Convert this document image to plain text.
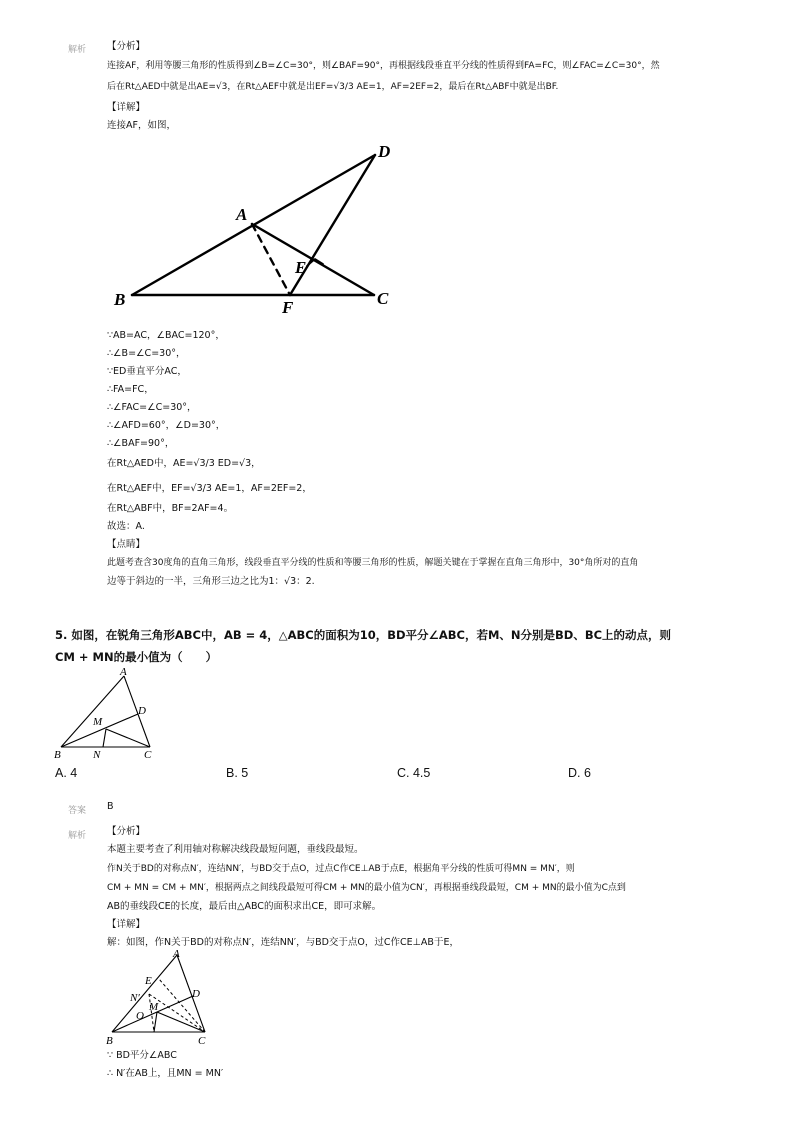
解析 【分析】
连接AF，利用等腰三角形的性质得到∠B=∠C=30°，则∠BAF=90°，再根据线段垂直平分线的性质得到FA=FC，则∠FAC=∠C=30°，然
后在Rt△AED中就是出AE=√3，在Rt△AEF中就是出EF=√3/3 AE=1，AF=2EF=2，最后在Rt△ABF中就是出BF.
【详解】
连接AF，如图，
B
A
D
E
F	C
∵AB=AC，∠BAC=120°，
∴∠B=∠C=30°，
∵ED垂直平分AC，
∴FA=FC，
∴∠FAC=∠C=30°，
∴∠AFD=60°，∠D=30°，
∴∠BAF=90°，
在Rt△AED中，AE=√3/3 ED=√3，
在Rt△AEF中，EF=√3/3 AE=1，AF=2EF=2，
在Rt△ABF中，BF=2AF=4。
故选：A.
【点睛】
此题考查含30度角的直角三角形，线段垂直平分线的性质和等腰三角形的性质，解题关键在于掌握在直角三角形中，30°角所对的直角
边等于斜边的一半，三角形三边之比为1：√3：2.
5. 如图，在锐角三角形ABC中，AB = 4，△ABC的面积为10，BD平分∠ABC，若M、N分别是BD、BC上的动点，则
CM + MN的最小值为（　　）
A
D
M
B	N	C
A. 4	B. 5	C. 4.5	D. 6
答案 B
解析 【分析】
本题主要考查了利用轴对称解决线段最短问题，垂线段最短。
作N关于BD的对称点N′，连结NN′，与BD交于点O，过点C作CE⊥AB于点E，根据角平分线的性质可得MN = MN′，则
CM + MN = CM + MN′，根据两点之间线段最短可得CM + MN的最小值为CN′，再根据垂线段最短，CM + MN的最小值为C点到
AB的垂线段CE的长度，最后由△ABC的面积求出CE，即可求解。
【详解】
解：如图，作N关于BD的对称点N′，连结NN′，与BD交于点O，过C作CE⊥AB于E，
A
E
D
N′
M
O
B	C
∵ BD平分∠ABC
∴ N′在AB上，且MN = MN′
